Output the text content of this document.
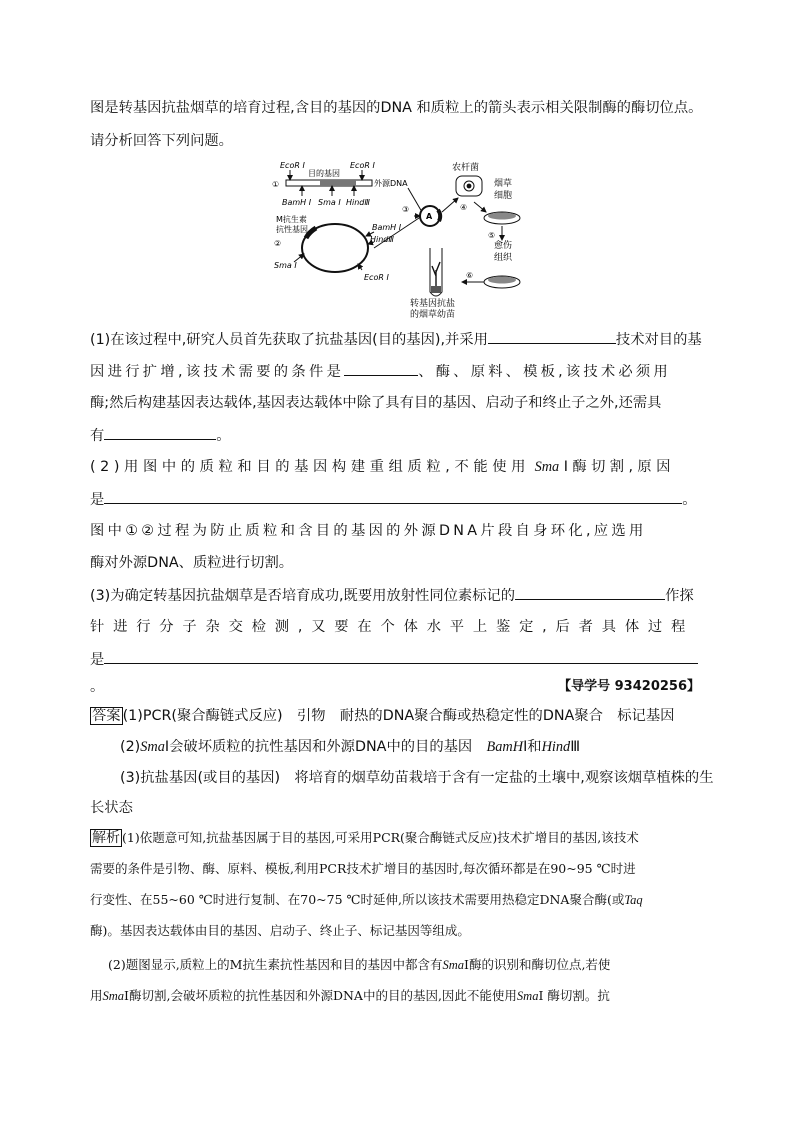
图是转基因抗盐烟草的培育过程,含目的基因的DNA 和质粒上的箭头表示相关限制酶的酶切位点。
请分析回答下列问题。
EcoR Ⅰ
目的基因
EcoR Ⅰ
外源DNA
①
BamH Ⅰ Sma Ⅰ HindⅢ
M抗生素
抗性基因
②
Sma Ⅰ
BamH Ⅰ
HindⅢ
EcoR Ⅰ
③
A
农杆菌
④
烟草
细胞
⑤
愈伤
组织
⑥
转基因抗盐
的烟草幼苗
(1)在该过程中,研究人员首先获取了抗盐基因(目的基因),并采用	技术对目的基
因进行扩增,该技术需要的条件是	、酶、原料、模板,该技术必须用
酶;然后构建基因表达载体,基因表达载体中除了具有目的基因、启动子和终止子之外,还需具
有	。
(2)用图中的质粒和目的基因构建重组质粒,不能使用 Sma Ⅰ酶切割,原因
是	。
图中①②过程为防止质粒和含目的基因的外源DNA片段自身环化,应选用
酶对外源DNA、质粒进行切割。
(3)为确定转基因抗盐烟草是否培育成功,既要用放射性同位素标记的	作探
针进行分子杂交检测,又要在个体水平上鉴定,后者具体过程
是
。	【导学号 93420256】
答案 (1)PCR(聚合酶链式反应)　引物　耐热的DNA聚合酶或热稳定性的DNA聚合　标记基因
(2)SmaⅠ会破坏质粒的抗性基因和外源DNA中的目的基因　BamHⅠ和HindⅢ
(3)抗盐基因(或目的基因)　将培育的烟草幼苗栽培于含有一定盐的土壤中,观察该烟草植株的生
长状态
解析 (1)依题意可知,抗盐基因属于目的基因,可采用PCR(聚合酶链式反应)技术扩增目的基因,该技术
需要的条件是引物、酶、原料、模板,利用PCR技术扩增目的基因时,每次循环都是在90~95 ℃时进
行变性、在55~60 ℃时进行复制、在70~75 ℃时延伸,所以该技术需要用热稳定DNA聚合酶(或Taq
酶)。基因表达载体由目的基因、启动子、终止子、标记基因等组成。
(2)题图显示,质粒上的M抗生素抗性基因和目的基因中都含有SmaⅠ酶的识别和酶切位点,若使
用SmaⅠ酶切割,会破坏质粒的抗性基因和外源DNA中的目的基因,因此不能使用SmaⅠ 酶切割。抗
